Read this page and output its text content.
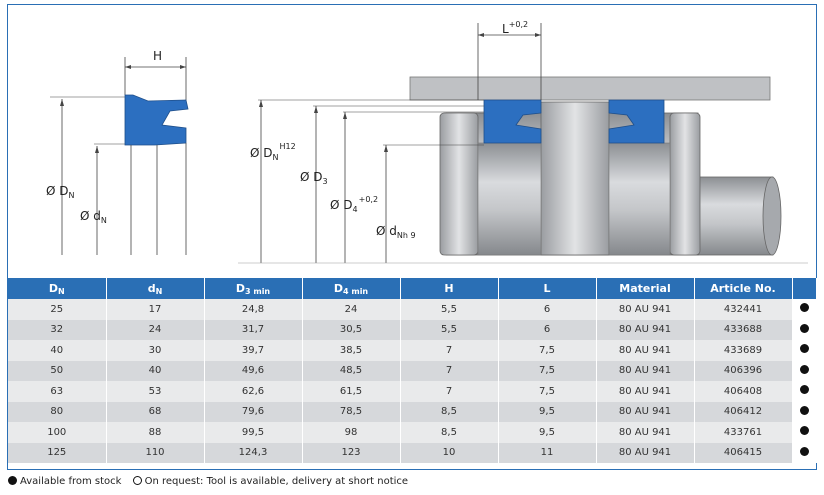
H
Ø $D_N$
Ø $d_N$
$L^{+0,2}$
Ø $D_N^{H12}$
Ø $D_3$
Ø $D_4^{+0,2}$
Ø $d_{Nh 9}$
$D_N$	$d_N$	$D_{3 min}$	$D_{4 min}$	H	L	Material	Article No.	
25	17	24,8	24	5,5	6	80 AU 941	432441	
32	24	31,7	30,5	5,5	6	80 AU 941	433688	
40	30	39,7	38,5	7	7,5	80 AU 941	433689	
50	40	49,6	48,5	7	7,5	80 AU 941	406396	
63	53	62,6	61,5	7	7,5	80 AU 941	406408	
80	68	79,6	78,5	8,5	9,5	80 AU 941	406412	
100	88	99,5	98	8,5	9,5	80 AU 941	433761	
125	110	124,3	123	10	11	80 AU 941	406415	
Available from stock On request: Tool is available, delivery at short notice
